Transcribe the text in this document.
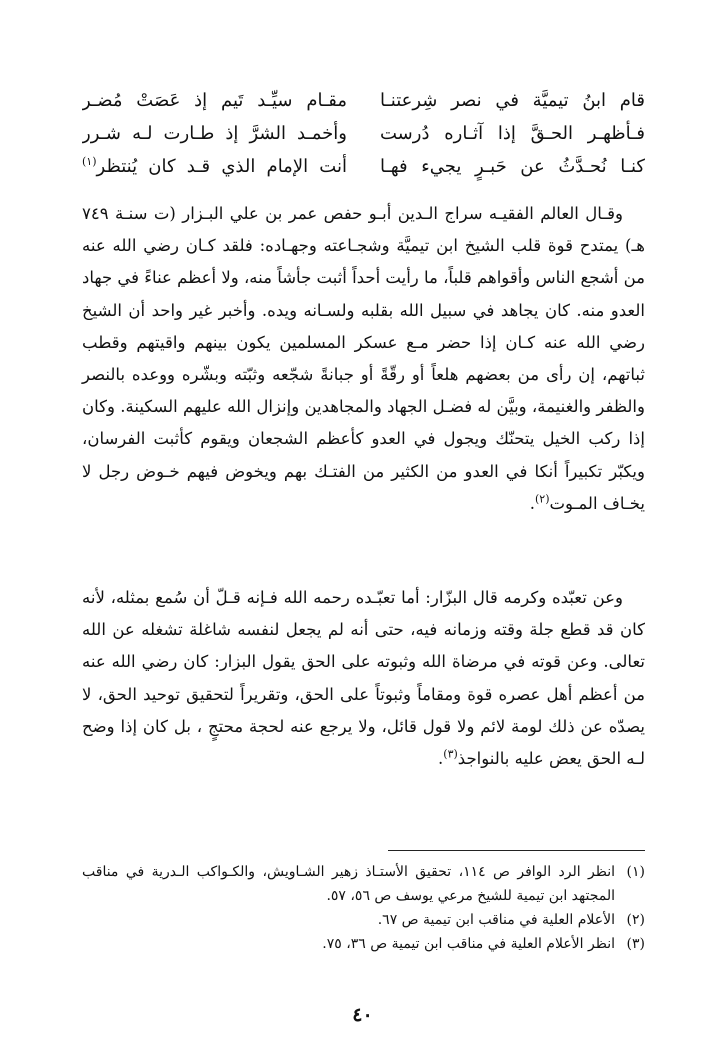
قام ابنُ تيميَّة في نصر شِرعتنـا
مقـام سيِّـد تَيم إذ عَصَتْ مُضـر
فـأظهـر الحـقَّ إذا آثـاره دُرست
وأخمـد الشرَّ إذ طـارت لـه شـرر
كنـا نُحـدَّثُ عن حَبـرٍ يجيء فهـا
أنت الإمام الذي قـد كان يُنتظر$^{(١)}$
وقـال العالم الفقيـه سراج الـدين أبـو حفص عمر بن علي البـزار (ت سنـة ٧٤٩ هـ) يمتدح قوة قلب الشيخ ابن تيميَّة وشجـاعته وجهـاده: فلقد كـان رضي الله عنه من أشجع الناس وأقواهم قلباً، ما رأيت أحداً أثبت جأشاً منه، ولا أعظم عناءً في جهاد العدو منه. كان يجاهد في سبيل الله بقلبه ولسـانه ويده. وأخبر غير واحد أن الشيخ رضي الله عنه كـان إذا حضر مـع عسكر المسلمين يكون بينهم واقيتهم وقطب ثباتهم، إن رأى من بعضهم هلعاً أو رقّةً أو جبانةً شجّعه وثبّته وبشّره ووعده بالنصر والظفر والغنيمة، وبيَّن له فضـل الجهاد والمجاهدين وإنزال الله عليهم السكينة. وكان إذا ركب الخيل يتحنّك ويجول في العدو كأعظم الشجعان ويقوم كأثبت الفرسان، ويكبّر تكبيراً أنكا في العدو من الكثير من الفتـك بهم ويخوض فيهم خـوض رجل لا يخـاف المـوت$^{(٢)}$.
وعن تعبّده وكرمه قال البزّار: أما تعبّـده رحمه الله فـإنه قـلّ أن سُمع بمثله، لأنه كان قد قطع جلة وقته وزمانه فيه، حتى أنه لم يجعل لنفسه شاغلة تشغله عن الله تعالى. وعن قوته في مرضاة الله وثبوته على الحق يقول البزار: كان رضي الله عنه من أعظم أهل عصره قوة ومقاماً وثبوتاً على الحق، وتقريراً لتحقيق توحيد الحق، لا يصدّه عن ذلك لومة لائم ولا قول قائل، ولا يرجع عنه لحجة محتجٍ ، بل كان إذا وضح لـه الحق يعض عليه بالنواجذ$^{(٣)}$.
(١)
انظر الرد الوافر ص ١١٤، تحقيق الأستـاذ زهير الشـاويش، والكـواكب الـدرية في مناقب المجتهد ابن تيمية للشيخ مرعي يوسف ص ٥٦، ٥٧.
(٢)
الأعلام العلية في مناقب ابن تيمية ص ٦٧.
(٣)
انظر الأعلام العلية في مناقب ابن تيمية ص ٣٦، ٧٥.
٤٠
